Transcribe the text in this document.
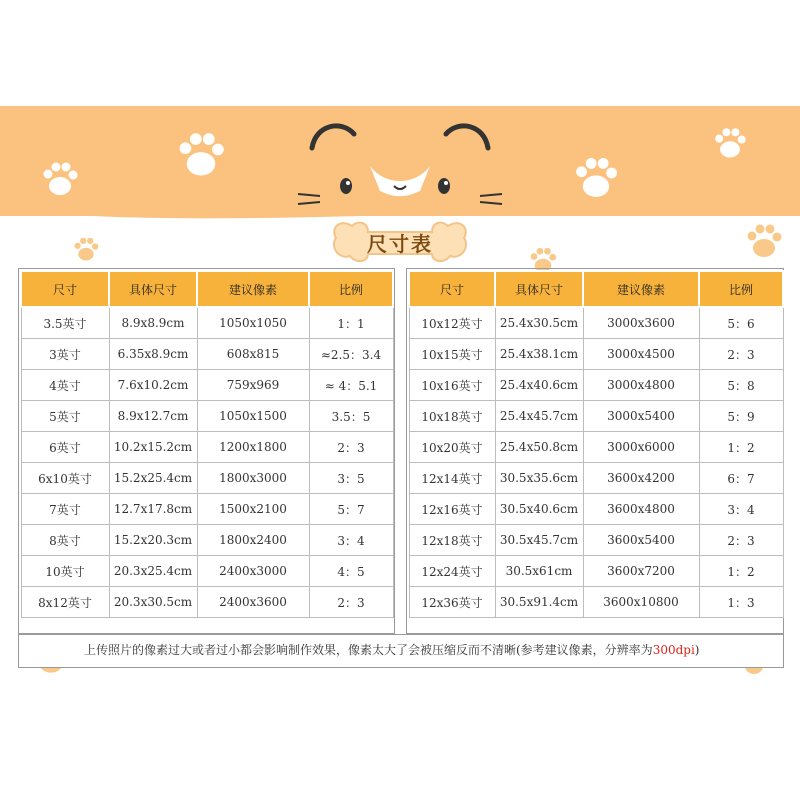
尺寸表
尺寸	具体尺寸	建议像素	比例
3.5英寸	8.9x8.9cm	1050x1050	1：1
3英寸	6.35x8.9cm	608x815	≈2.5：3.4
4英寸	7.6x10.2cm	759x969	≈ 4：5.1
5英寸	8.9x12.7cm	1050x1500	3.5：5
6英寸	10.2x15.2cm	1200x1800	2：3
6x10英寸	15.2x25.4cm	1800x3000	3：5
7英寸	12.7x17.8cm	1500x2100	5：7
8英寸	15.2x20.3cm	1800x2400	3：4
10英寸	20.3x25.4cm	2400x3000	4：5
8x12英寸	20.3x30.5cm	2400x3600	2：3
尺寸	具体尺寸	建议像素	比例
10x12英寸	25.4x30.5cm	3000x3600	5：6
10x15英寸	25.4x38.1cm	3000x4500	2：3
10x16英寸	25.4x40.6cm	3000x4800	5：8
10x18英寸	25.4x45.7cm	3000x5400	5：9
10x20英寸	25.4x50.8cm	3000x6000	1：2
12x14英寸	30.5x35.6cm	3600x4200	6：7
12x16英寸	30.5x40.6cm	3600x4800	3：4
12x18英寸	30.5x45.7cm	3600x5400	2：3
12x24英寸	30.5x61cm	3600x7200	1：2
12x36英寸	30.5x91.4cm	3600x10800	1：3
上传照片的像素过大或者过小都会影响制作效果，像素太大了会被压缩反而不清晰(参考建议像素，分辨率为300dpi)
